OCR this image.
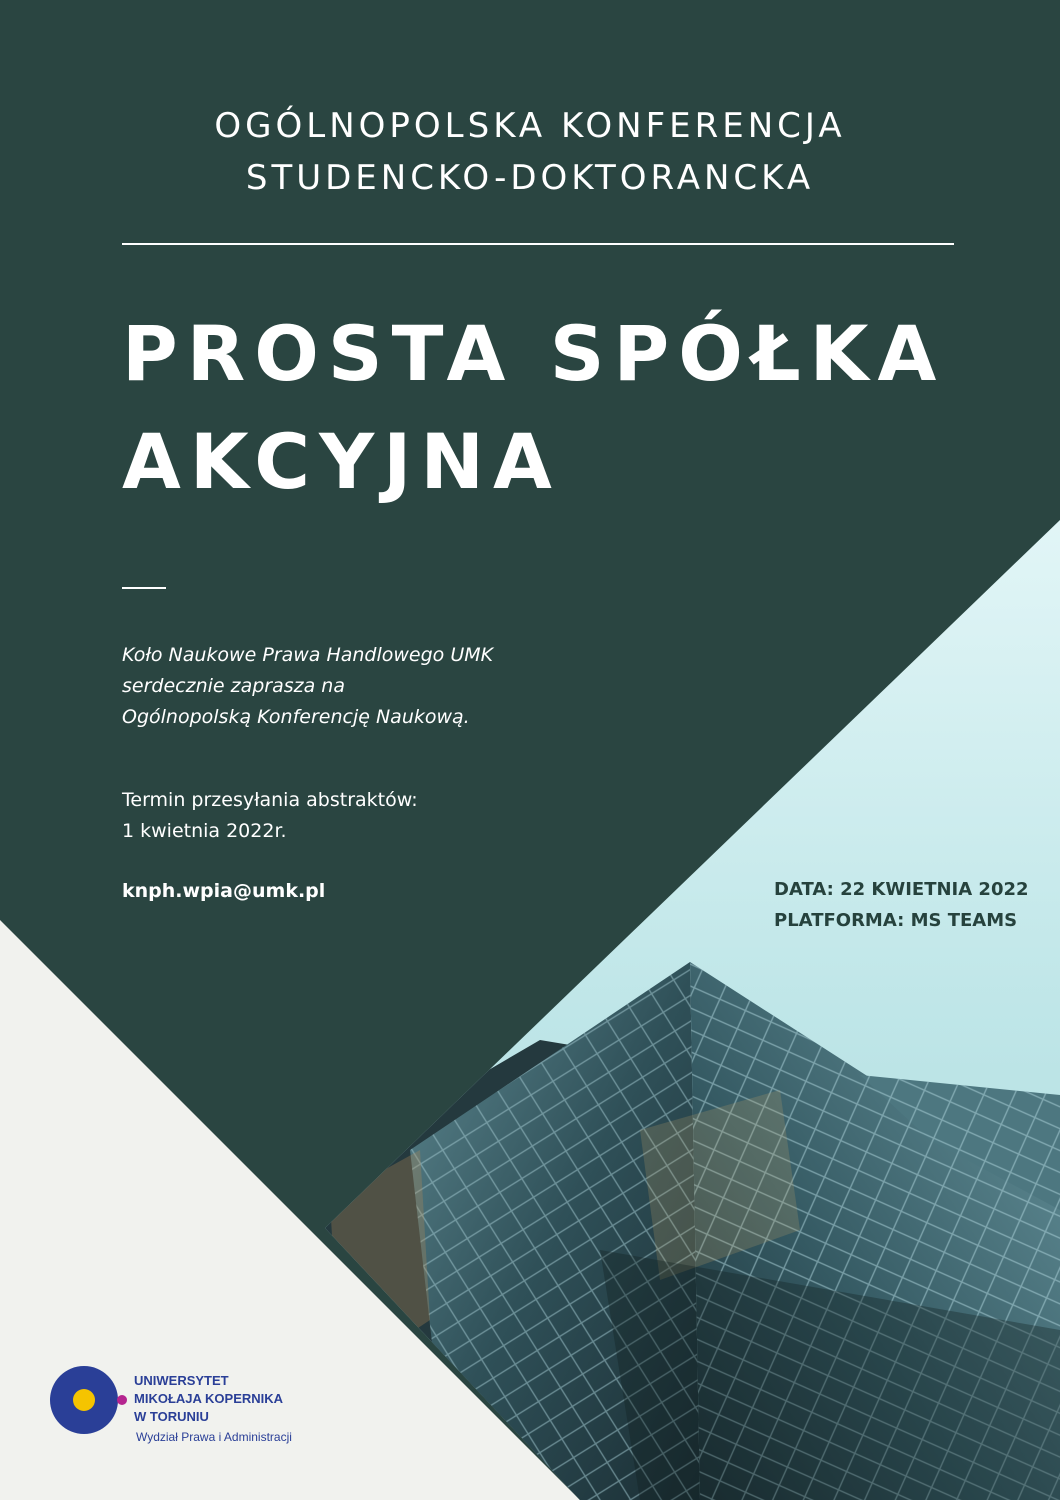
OGÓLNOPOLSKA KONFERENCJA
STUDENCKO-DOKTORANCKA
PROSTA SPÓŁKA
AKCYJNA
Koło Naukowe Prawa Handlowego UMK
serdecznie zaprasza na
Ogólnopolską Konferencję Naukową.
Termin przesyłania abstraktów:
1 kwietnia 2022r.
knph.wpia@umk.pl	DATA: 22 KWIETNIA 2022
PLATFORMA: MS TEAMS
UNIWERSYTET
MIKOŁAJA KOPERNIKA
W TORUNIU
Wydział Prawa i Administracji
